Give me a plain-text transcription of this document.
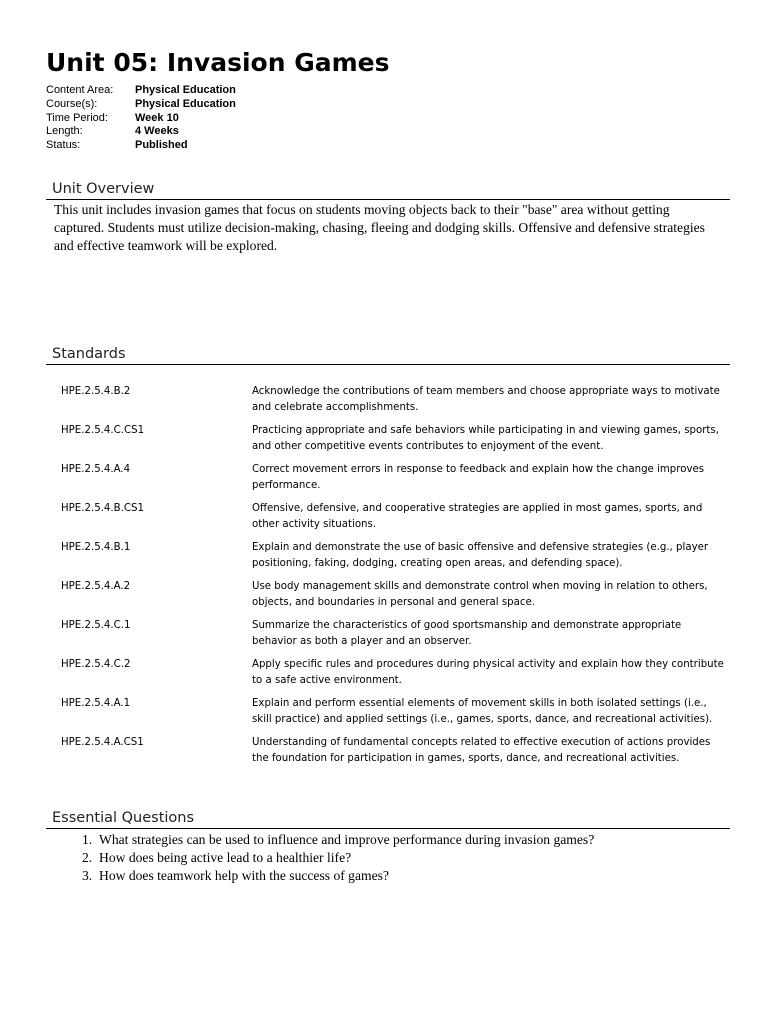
Unit 05: Invasion Games
Content Area:	Physical Education
Course(s):	Physical Education
Time Period:	Week 10
Length:	4 Weeks
Status:	Published
Unit Overview
This unit includes invasion games that focus on students moving objects back to their "base" area without getting captured. Students must utilize decision-making, chasing, fleeing and dodging skills. Offensive and defensive strategies and effective teamwork will be explored.
Standards
HPE.2.5.4.B.2	Acknowledge the contributions of team members and choose appropriate ways to motivate and celebrate accomplishments.
HPE.2.5.4.C.CS1	Practicing appropriate and safe behaviors while participating in and viewing games, sports, and other competitive events contributes to enjoyment of the event.
HPE.2.5.4.A.4	Correct movement errors in response to feedback and explain how the change improves performance.
HPE.2.5.4.B.CS1	Offensive, defensive, and cooperative strategies are applied in most games, sports, and other activity situations.
HPE.2.5.4.B.1	Explain and demonstrate the use of basic offensive and defensive strategies (e.g., player positioning, faking, dodging, creating open areas, and defending space).
HPE.2.5.4.A.2	Use body management skills and demonstrate control when moving in relation to others, objects, and boundaries in personal and general space.
HPE.2.5.4.C.1	Summarize the characteristics of good sportsmanship and demonstrate appropriate behavior as both a player and an observer.
HPE.2.5.4.C.2	Apply specific rules and procedures during physical activity and explain how they contribute to a safe active environment.
HPE.2.5.4.A.1	Explain and perform essential elements of movement skills in both isolated settings (i.e., skill practice) and applied settings (i.e., games, sports, dance, and recreational activities).
HPE.2.5.4.A.CS1	Understanding of fundamental concepts related to effective execution of actions provides the foundation for participation in games, sports, dance, and recreational activities.
Essential Questions
1. What strategies can be used to influence and improve performance during invasion games?
2. How does being active lead to a healthier life?
3. How does teamwork help with the success of games?
